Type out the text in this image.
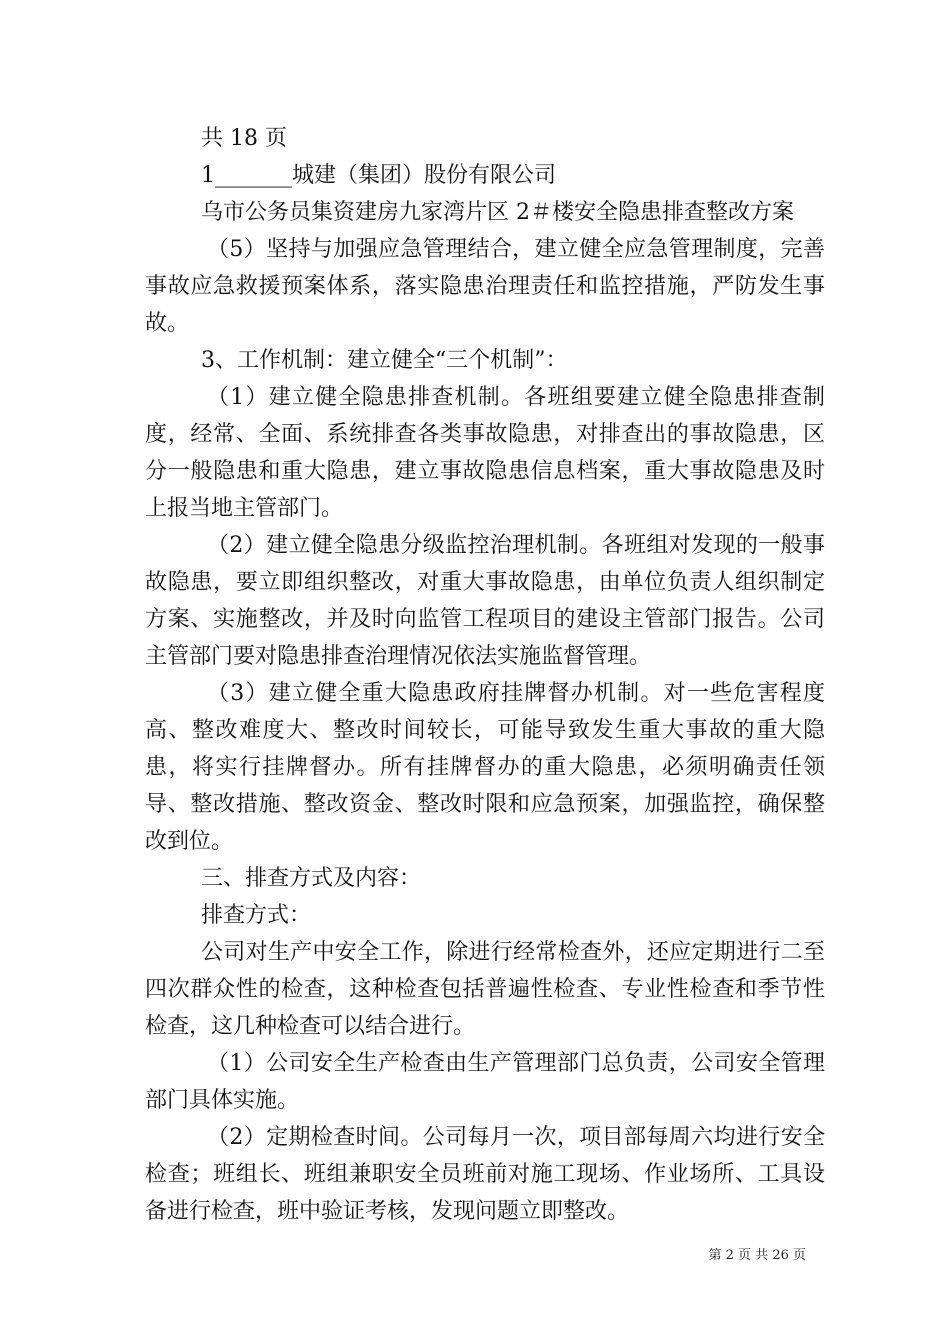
共 18 页
1_______城建（集团）股份有限公司
乌市公务员集资建房九家湾片区 2＃楼安全隐患排查整改方案
（5）坚持与加强应急管理结合，建立健全应急管理制度，完善事故应急救援预案体系，落实隐患治理责任和监控措施，严防发生事故。
3、工作机制：建立健全“三个机制”：
（1）建立健全隐患排查机制。各班组要建立健全隐患排查制度，经常、全面、系统排查各类事故隐患，对排查出的事故隐患，区分一般隐患和重大隐患，建立事故隐患信息档案，重大事故隐患及时上报当地主管部门。
（2）建立健全隐患分级监控治理机制。各班组对发现的一般事故隐患，要立即组织整改，对重大事故隐患，由单位负责人组织制定方案、实施整改，并及时向监管工程项目的建设主管部门报告。公司主管部门要对隐患排查治理情况依法实施监督管理。
（3）建立健全重大隐患政府挂牌督办机制。对一些危害程度高、整改难度大、整改时间较长，可能导致发生重大事故的重大隐患，将实行挂牌督办。所有挂牌督办的重大隐患，必须明确责任领导、整改措施、整改资金、整改时限和应急预案，加强监控，确保整改到位。
三、排查方式及内容：
排查方式：
公司对生产中安全工作，除进行经常检查外，还应定期进行二至四次群众性的检查，这种检查包括普遍性检查、专业性检查和季节性检查，这几种检查可以结合进行。
（1）公司安全生产检查由生产管理部门总负责，公司安全管理部门具体实施。
（2）定期检查时间。公司每月一次，项目部每周六均进行安全检查；班组长、班组兼职安全员班前对施工现场、作业场所、工具设备进行检查，班中验证考核，发现问题立即整改。
第 2 页 共 26 页
